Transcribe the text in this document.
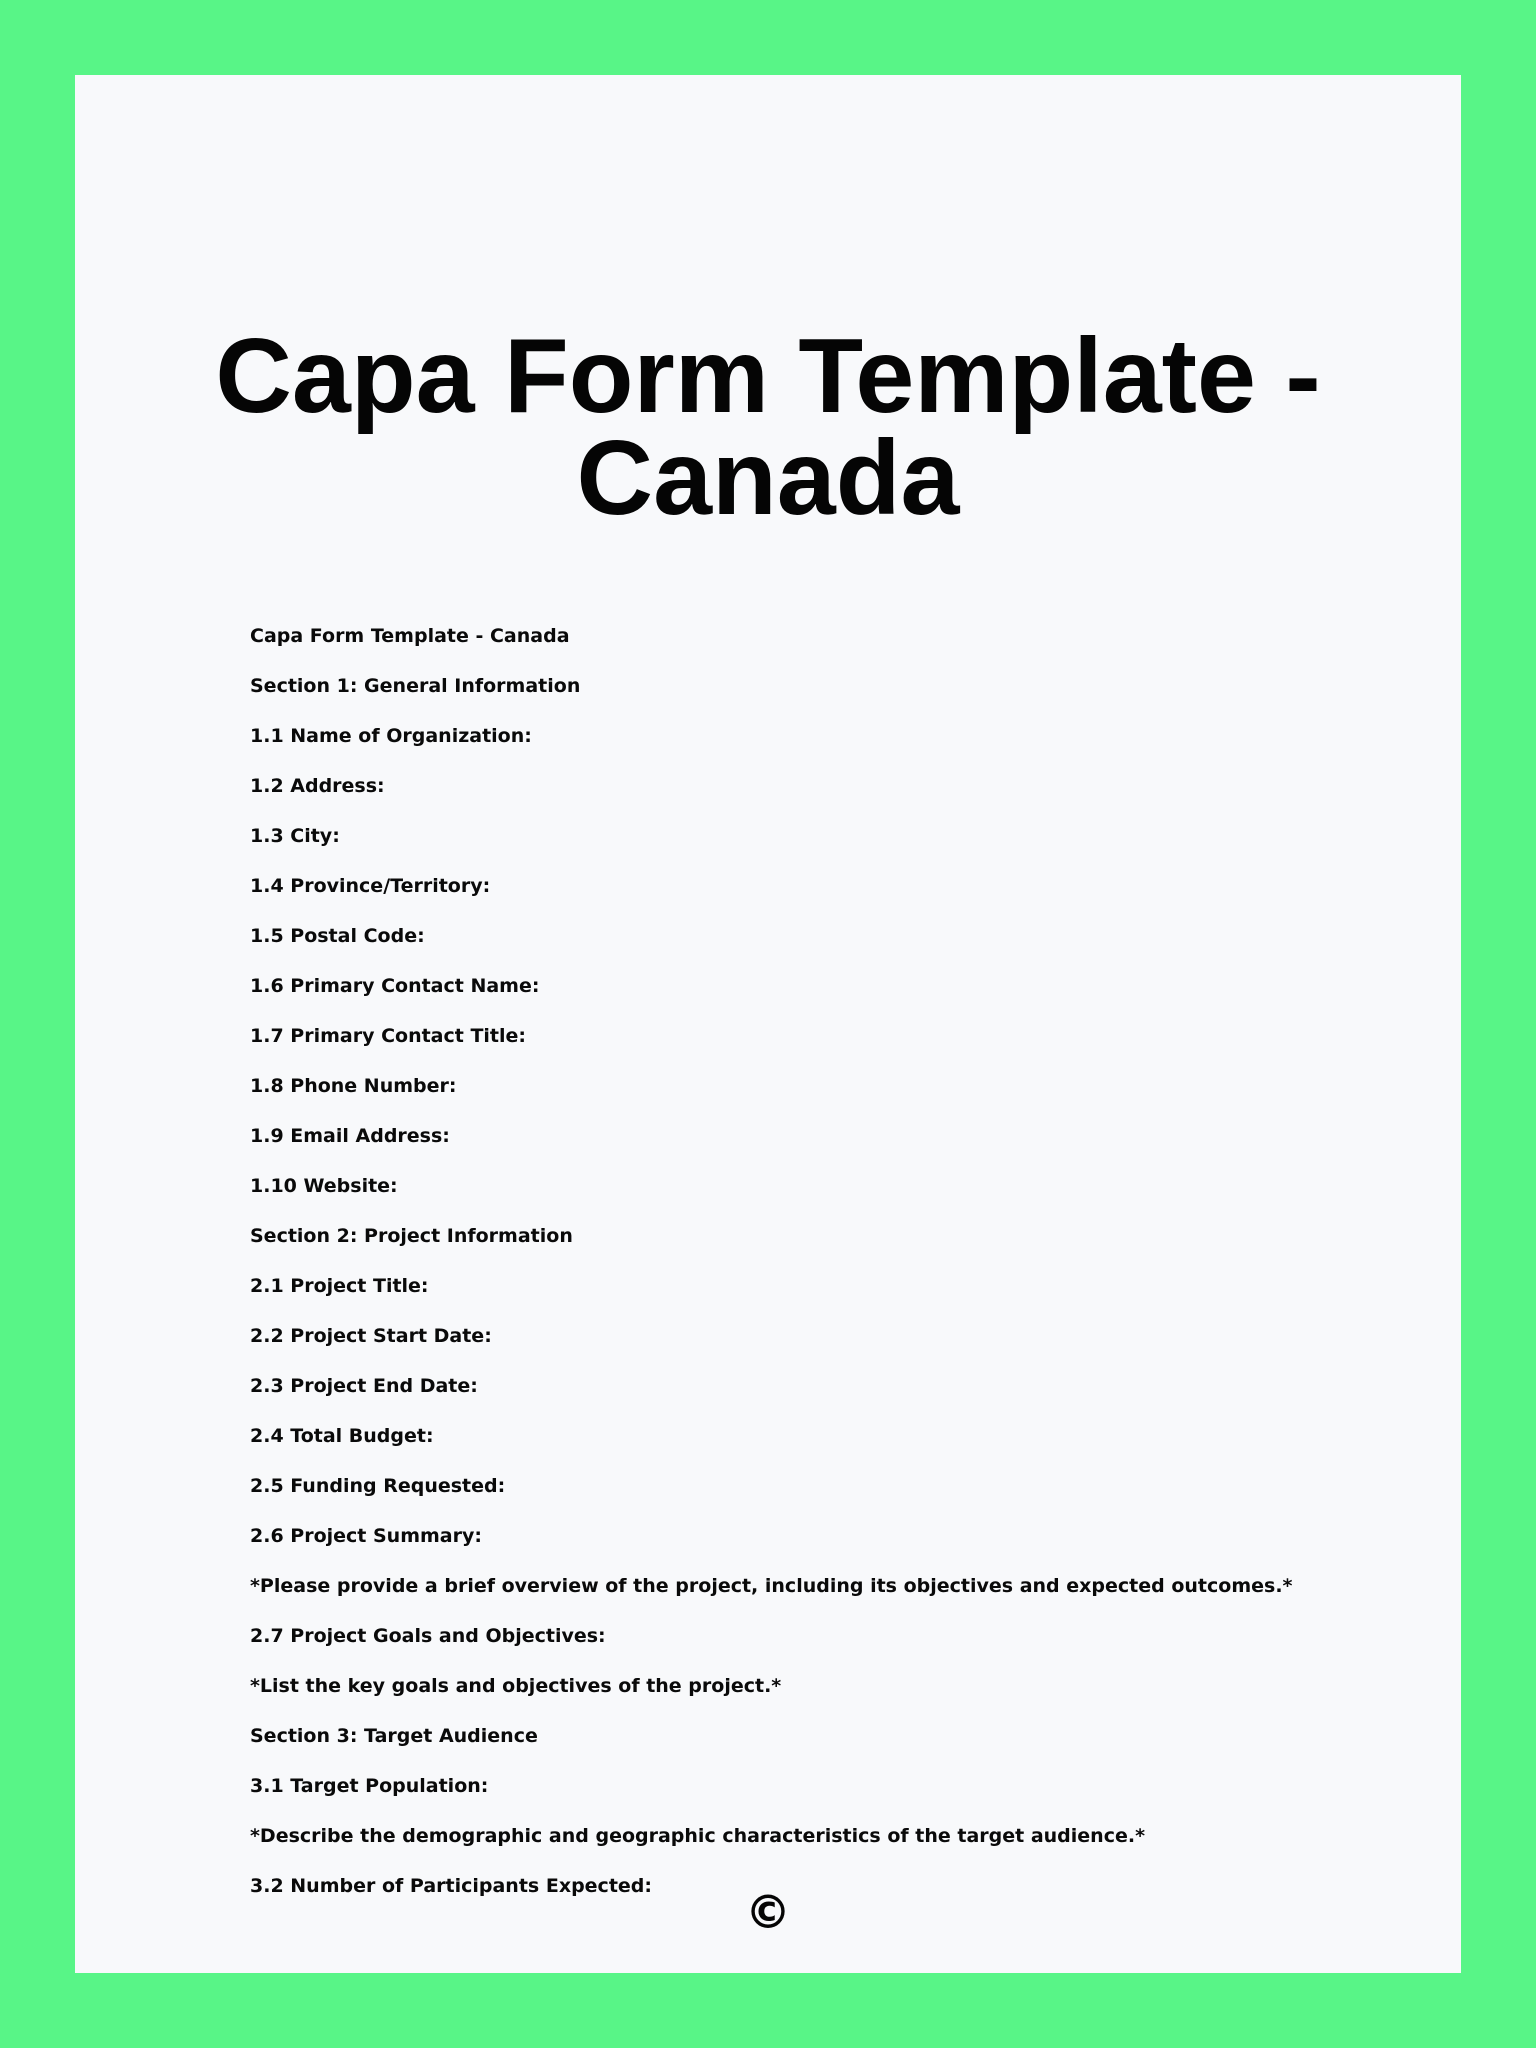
Capa Form Template -
Canada
Capa Form Template - Canada
Section 1: General Information
1.1 Name of Organization:
1.2 Address:
1.3 City:
1.4 Province/Territory:
1.5 Postal Code:
1.6 Primary Contact Name:
1.7 Primary Contact Title:
1.8 Phone Number:
1.9 Email Address:
1.10 Website:
Section 2: Project Information
2.1 Project Title:
2.2 Project Start Date:
2.3 Project End Date:
2.4 Total Budget:
2.5 Funding Requested:
2.6 Project Summary:
*Please provide a brief overview of the project, including its objectives and expected outcomes.*
2.7 Project Goals and Objectives:
*List the key goals and objectives of the project.*
Section 3: Target Audience
3.1 Target Population:
*Describe the demographic and geographic characteristics of the target audience.*
3.2 Number of Participants Expected:	©
